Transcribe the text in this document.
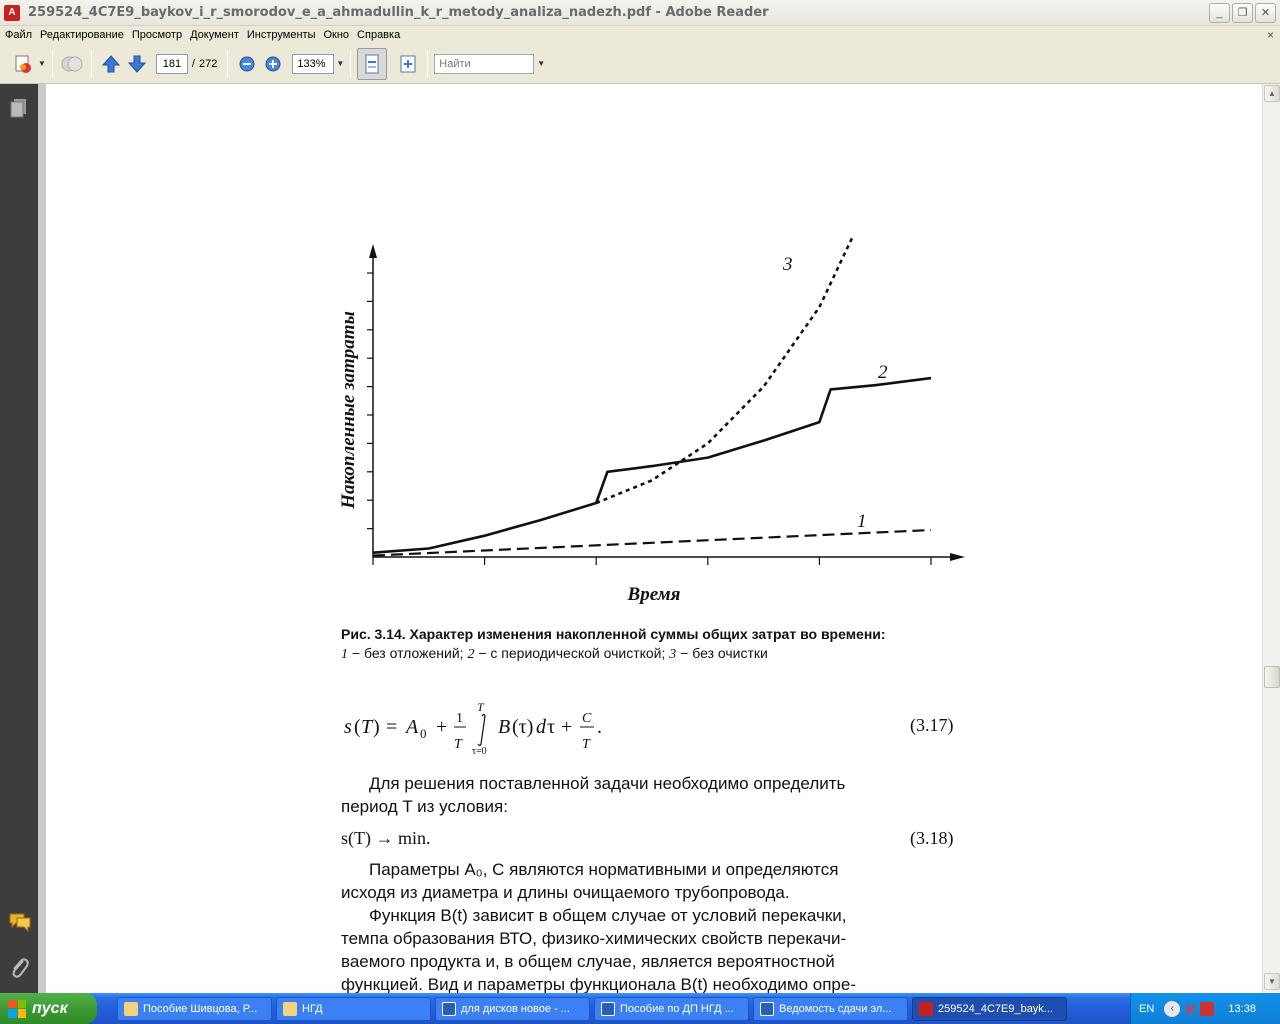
A 259524_4C7E9_baykov_i_r_smorodov_e_a_ahmadullin_k_r_metody_analiza_nadezh.pdf - Adobe Reader	_	❐	✕
Файл Редактирование Просмотр Документ Инструменты Окно Справка	×
▼
181	/ 272
133%	▼
Найти	▼
Накопленные затраты
Время
1
2
3
Рис. 3.14. Характер изменения накопленной суммы общих затрат во времени:
1 − без отложений; 2 − с периодической очисткой; 3 − без очистки
s ( T ) = A 0 + 1
T
T
τ=0
B (τ) d τ + C
T
.	(3.17)
Для решения поставленной задачи необходимо определить
период T из условия:
s(T) → min.	(3.18)
Параметры A₀, C являются нормативными и определяются
исходя из диаметра и длины очищаемого трубопровода.
Функция B(t) зависит в общем случае от условий перекачки,
темпа образования ВТО, физико-химических свойств перекачи-
ваемого продукта и, в общем случае, является вероятностной
функцией. Вид и параметры функционала B(t) необходимо опре-
▲
▼
пуск	Пособие Шивцова, Р...	НГД	для дисков новое - ...	Пособие по ДП НГД ...	Ведомость сдачи эл...	259524_4C7E9_bayk...	EN	‹ K	13:38
